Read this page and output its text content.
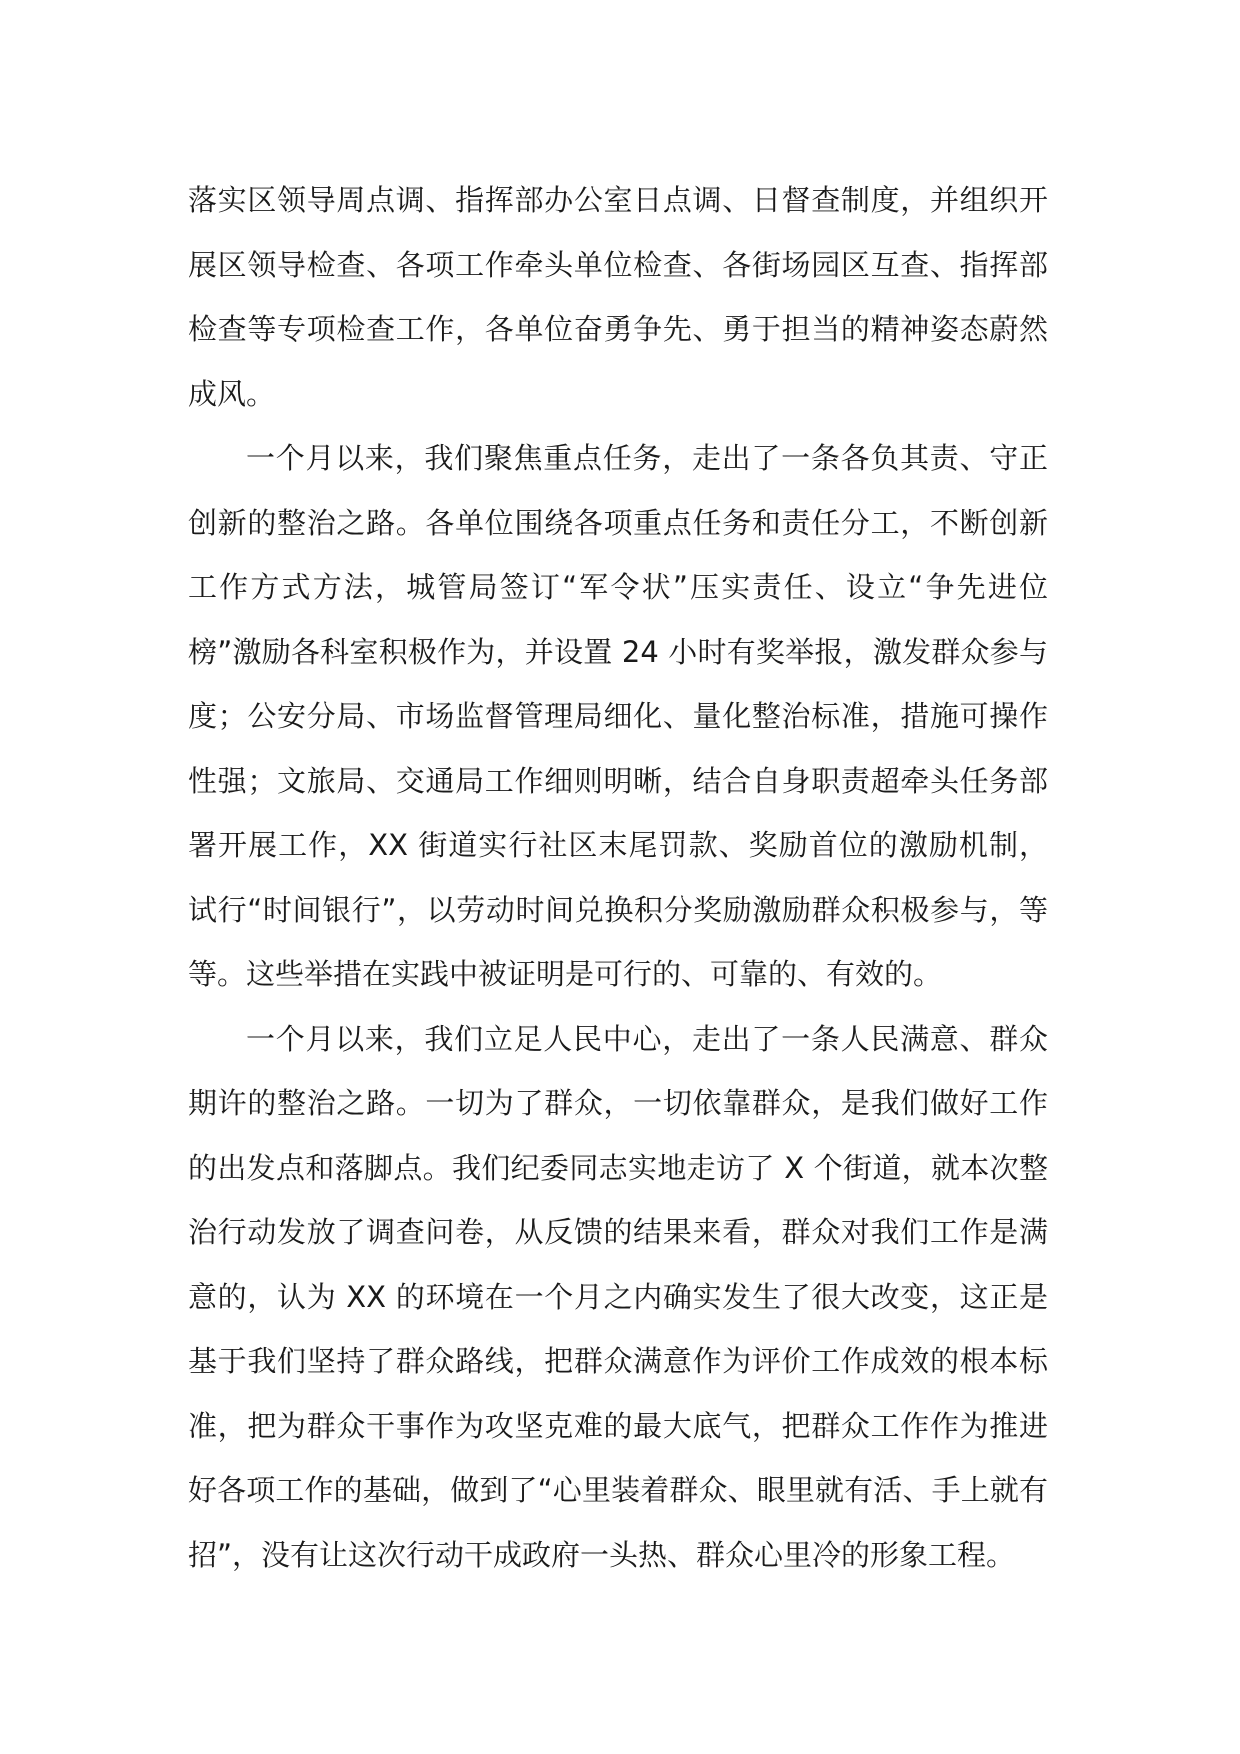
落实区领导周点调、指挥部办公室日点调、日督查制度，并组织开展区领导检查、各项工作牵头单位检查、各街场园区互查、指挥部检查等专项检查工作，各单位奋勇争先、勇于担当的精神姿态蔚然成风。

一个月以来，我们聚焦重点任务，走出了一条各负其责、守正创新的整治之路。各单位围绕各项重点任务和责任分工，不断创新工作方式方法，城管局签订“军令状”压实责任、设立“争先进位榜”激励各科室积极作为，并设置 24 小时有奖举报，激发群众参与度；公安分局、市场监督管理局细化、量化整治标准，措施可操作性强；文旅局、交通局工作细则明晰，结合自身职责超牵头任务部署开展工作，XX 街道实行社区末尾罚款、奖励首位的激励机制，试行“时间银行”，以劳动时间兑换积分奖励激励群众积极参与，等等。这些举措在实践中被证明是可行的、可靠的、有效的。

一个月以来，我们立足人民中心，走出了一条人民满意、群众期许的整治之路。一切为了群众，一切依靠群众，是我们做好工作的出发点和落脚点。我们纪委同志实地走访了 X 个街道，就本次整治行动发放了调查问卷，从反馈的结果来看，群众对我们工作是满意的，认为 XX 的环境在一个月之内确实发生了很大改变，这正是基于我们坚持了群众路线，把群众满意作为评价工作成效的根本标准，把为群众干事作为攻坚克难的最大底气，把群众工作作为推进好各项工作的基础，做到了“心里装着群众、眼里就有活、手上就有招”，没有让这次行动干成政府一头热、群众心里冷的形象工程。
